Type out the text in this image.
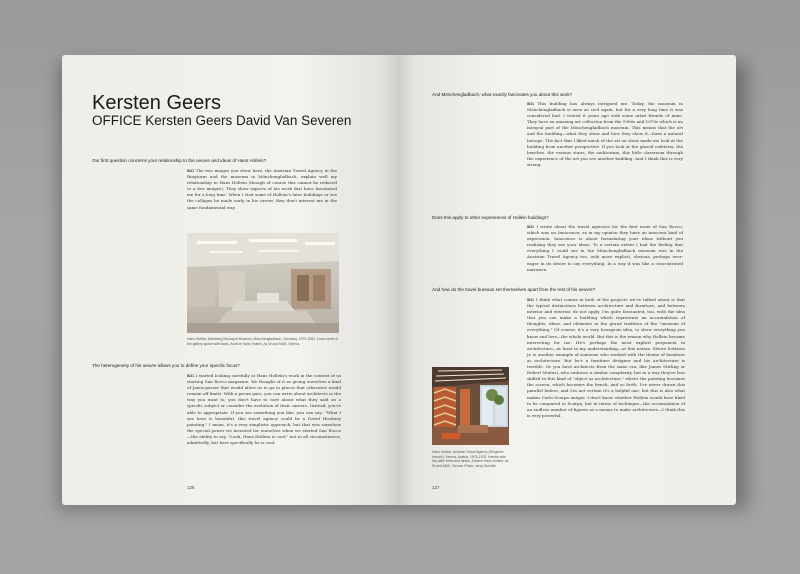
Kersten Geers
OFFICE Kersten Geers David Van Severen
Our first question concerns your relationship to the oeuvre and ideas of Hans Hollein?
KG The two images you show here, the Austrian Travel Agency in the Ringturm and the museum in Mönchengladbach, explain well my relationship to Hans Hollein (though of course this cannot be reduced to a few images). They show aspects of his work that have fascinated me for a long time. When I visit some of Hollein's later buildings or see the collages he made early in his career, they don't interest me in the same fundamental way.
Hans Hollein, Abteiberg Municipal Museum, Mönchengladbach, Germany, 1972-1982. Lower-level of the gallery space with stairs. Archive Hans Hollein, Az W and MAK, Vienna.
The heterogeneity of his oeuvre allows you to define your specific focus?
KG I started looking carefully at Hans Hollein's work in the context of us starting San Rocco magazine. We thought of it as giving ourselves a kind of Janus-passer that would allow us to go to places that otherwise would remain off limits. With a pecan pass, you can write about architects in the way you want to, you don't have to care about what they said on a specific subject or consider the evolution of their careers. Instead, you're able to appropriate. If you see something you like, you can say: "What I see here is beautiful, this travel agency could be a David Hockney painting." I mean, it's a very simplistic approach, but that was somehow the special power we invented for ourselves when we started San Rocco—the ability to say, "Look, Hans Hollein is cool," not in all circumstances, admittedly, but here specifically he is cool.
126
And Mönchengladbach, what exactly fascinates you about this work?
KG This building has always intrigued me. Today, the museum in Mönchengladbach is seen as cool again, but for a very long time it was considered bad. I visited it years ago with some artist friends of mine. They have an amazing art collection from the 1960s and 1970s which is an integral part of the Mönchengladbach museum. This means that the art and the building—what they show and how they show it—form a natural biotope. The fact that I liked much of the art on show made me look at the building from another perspective. If you look at the glazed cafeteria, the benches, the various stairs, the auditorium, this little classroom through the experience of the art you see another building. And I think this is very strong.
Does this apply to other experiences of Hollein buildings?
KG I wrote about the travel agencies for the first issue of San Rocco, which was on Innocence; as in my opinion they have an innocent kind of expression. Innocence is about formulating your ideas without you realizing they are your ideas. To a certain extent I had the feeling that everything I could see in the Mönchengladbach museum was in the Austrian Travel Agency too, only more explicit, obvious, perhaps over-eager in its desire to say everything. In a way it was like a concentrated narrative.
And how do the travel bureaus set themselves apart from the rest of his oeuvre?
KG I think what counts in both of the projects we've talked about is that the typical distinctions between architecture and furniture, and between interior and exterior, do not apply. I'm quite fascinated, too, with the idea that you can make a building which represents an accumulation of thoughts, ideas, and elements in the grand tradition of the "museum of everything." Of course, it's a very bourgeois idea, to show everything you know and love—the whole world. But this is the reason why Hollein became interesting for me. He's perhaps the most explicit proponent in architecture—at least in my understanding—of this notion. Ettore Sottsass Jr. is another example of someone who worked with the theme of furniture as architecture. But he's a furniture designer and his architecture is terrible. Or you have architects from the same era, like James Stirling or Robert Venturi, who embrace a similar complexity, but in a way they're less skilled in this kind of "object as architecture," where the painting becomes the screen, which becomes the bench, and so forth. I've never drawn this parallel before, and I'm not certain it's a helpful one, but this is also what makes Carlo Scarpa unique. I don't know whether Hollein would have liked to be compared to Scarpa, but in terms of technique—the accumulation of an endless number of figures as a means to make architecture—I think this is very powerful.
Hans Hollein, Austrian Travel Agency (Ringturm branch), Vienna, Austria, 1976-1978. Interior with the palm trees and desks. Archive Hans Hollein, Az W and MAK, Vienna. Photo: Jerzy Surwillo
127
